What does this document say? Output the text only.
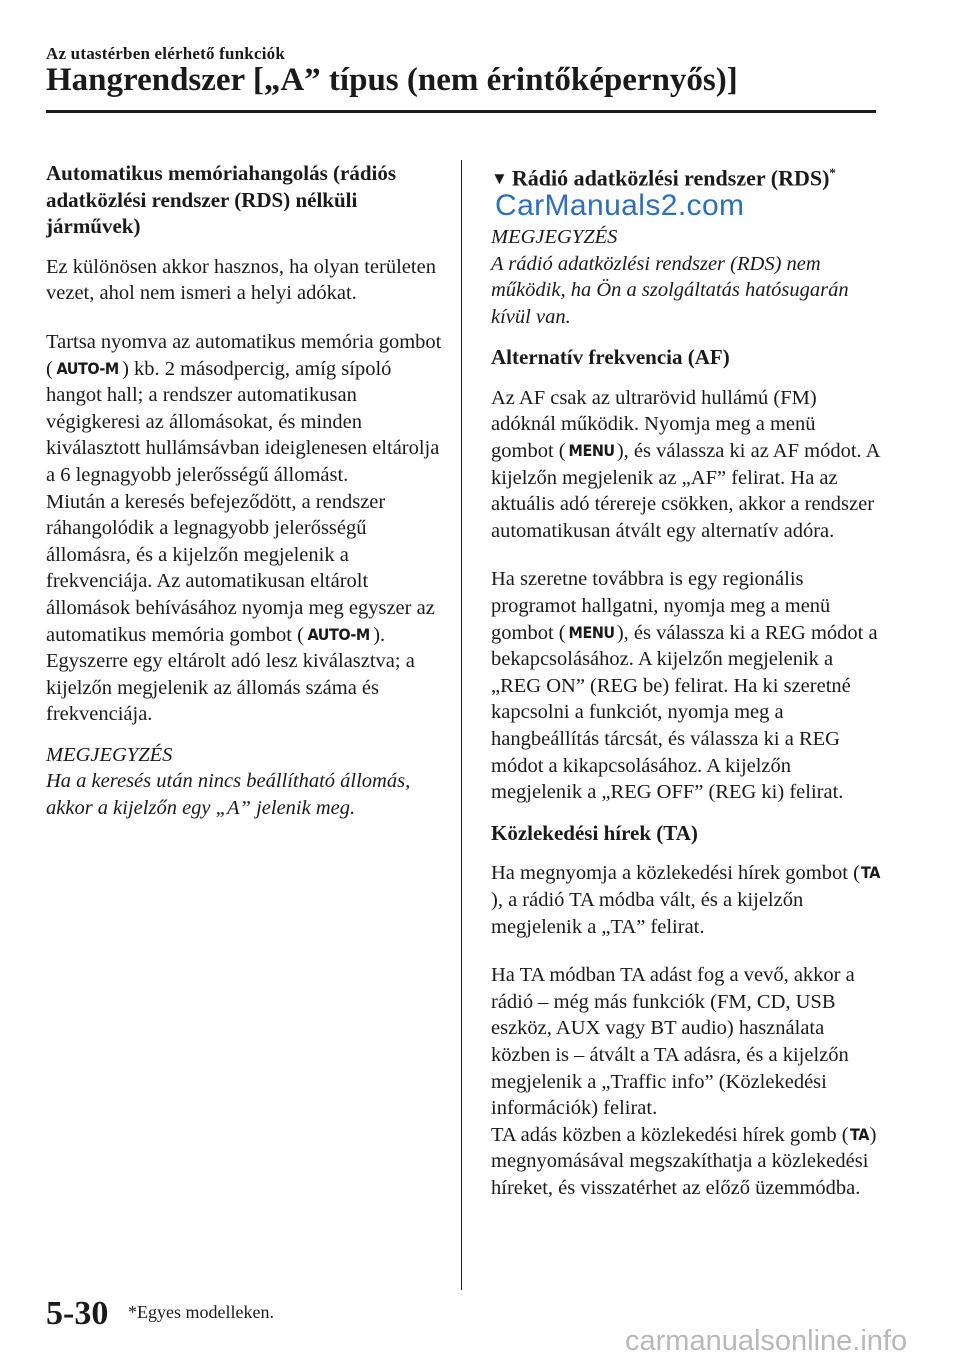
Az utastérben elérhető funkciók
Hangrendszer [„A” típus (nem érintőképernyős)]

Automatikus memóriahangolás (rádiós adatközlési rendszer (RDS) nélküli járművek)

Ez különösen akkor hasznos, ha olyan területen vezet, ahol nem ismeri a helyi adókat.

Tartsa nyomva az automatikus memória gombot ( AUTO-M ) kb. 2 másodpercig, amíg sípoló hangot hall; a rendszer automatikusan végigkeresi az állomásokat, és minden kiválasztott hullámsávban ideiglenesen eltárolja a 6 legnagyobb jelerősségű állomást.

Miután a keresés befejeződött, a rendszer ráhangolódik a legnagyobb jelerősségű állomásra, és a kijelzőn megjelenik a frekvenciája. Az automatikusan eltárolt állomások behívásához nyomja meg egyszer az automatikus memória gombot ( AUTO-M ). Egyszerre egy eltárolt adó lesz kiválasztva; a kijelzőn megjelenik az állomás száma és frekvenciája.

MEGJEGYZÉS

Ha a keresés után nincs beállítható állomás, akkor a kijelzőn egy „A” jelenik meg.

CarManuals2.com

▼ Rádió adatközlési rendszer (RDS)*

MEGJEGYZÉS

A rádió adatközlési rendszer (RDS) nem működik, ha Ön a szolgáltatás hatósugarán kívül van.

Alternatív frekvencia (AF)

Az AF csak az ultrarövid hullámú (FM) adóknál működik. Nyomja meg a menü gombot ( MENU ), és válassza ki az AF módot. A kijelzőn megjelenik az „AF” felirat. Ha az aktuális adó térereje csökken, akkor a rendszer automatikusan átvált egy alternatív adóra.

Ha szeretne továbbra is egy regionális programot hallgatni, nyomja meg a menü gombot ( MENU ), és válassza ki a REG módot a bekapcsolásához. A kijelzőn megjelenik a „REG ON” (REG be) felirat. Ha ki szeretné kapcsolni a funkciót, nyomja meg a hangbeállítás tárcsát, és válassza ki a REG módot a kikapcsolásához. A kijelzőn megjelenik a „REG OFF” (REG ki) felirat.

Közlekedési hírek (TA)

Ha megnyomja a közlekedési hírek gombot (TA), a rádió TA módba vált, és a kijelzőn megjelenik a „TA” felirat.

Ha TA módban TA adást fog a vevő, akkor a rádió – még más funkciók (FM, CD, USB eszköz, AUX vagy BT audio) használata közben is – átvált a TA adásra, és a kijelzőn megjelenik a „Traffic info” (Közlekedési információk) felirat.

TA adás közben a közlekedési hírek gomb (TA) megnyomásával megszakíthatja a közlekedési híreket, és visszatérhet az előző üzemmódba.

5-30 *Egyes modelleken.
carmanualsonline.info
